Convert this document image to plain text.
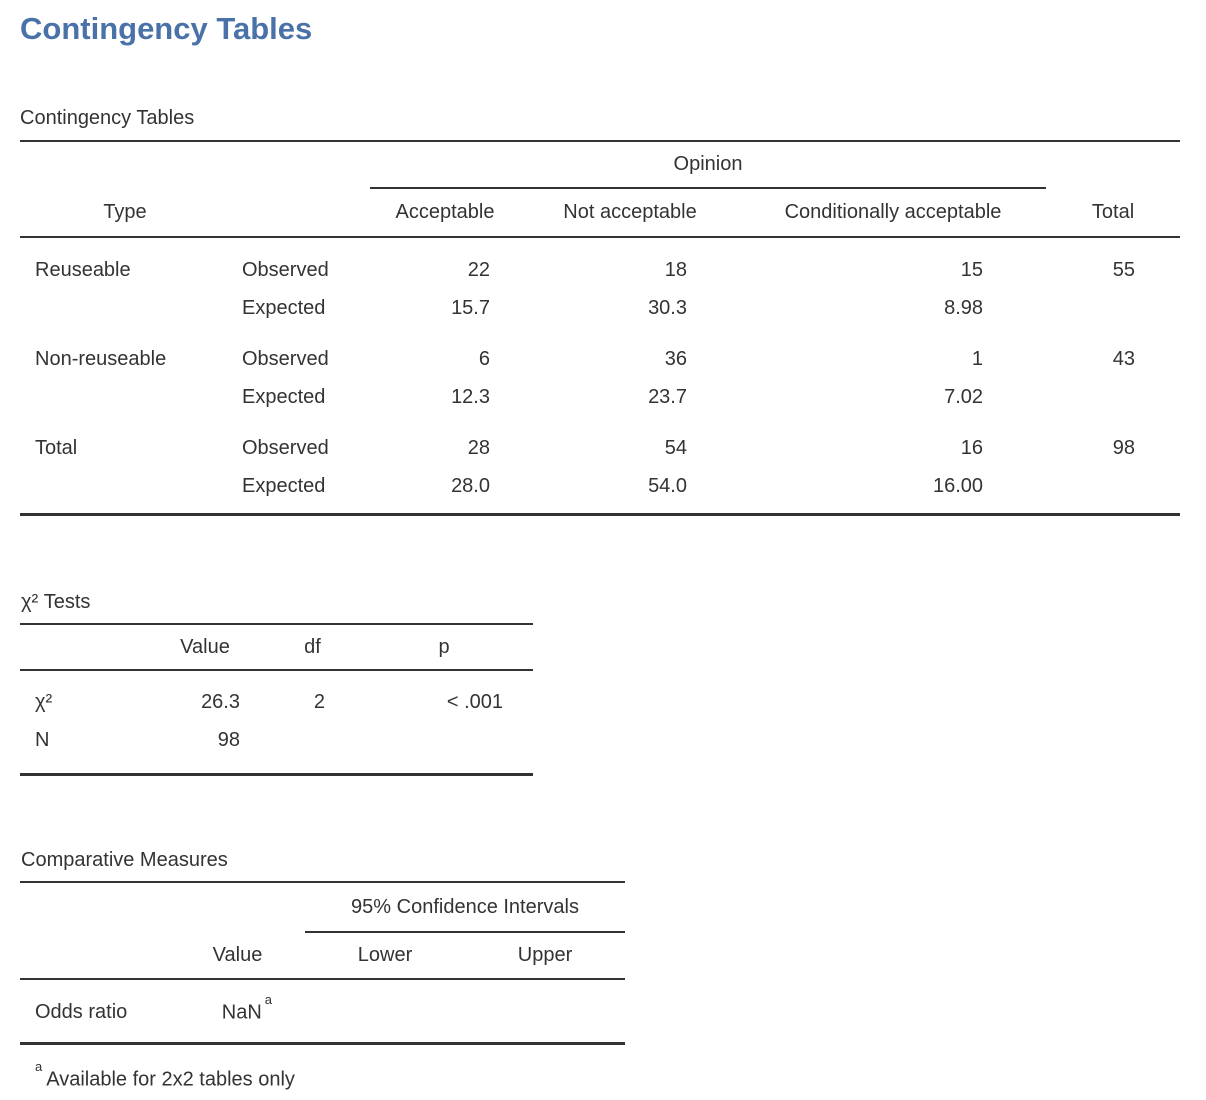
Contingency Tables
Contingency Tables
		Opinion			
Type		Acceptable	Not acceptable	Conditionally acceptable	Total
Reuseable	Observed	22	18	15	55
	Expected	15.7	30.3	8.98	
Non-reuseable	Observed	6	36	1	43
	Expected	12.3	23.7	7.02	
Total	Observed	28	54	16	98
	Expected	28.0	54.0	16.00	
χ² Tests
	Value	df	p
χ²	26.3	2	< .001
N	98		
Comparative Measures
		95% Confidence Intervals	
	Value	Lower	Upper
Odds ratio	NaN$^a$		
$^a$Available for 2x2 tables only
